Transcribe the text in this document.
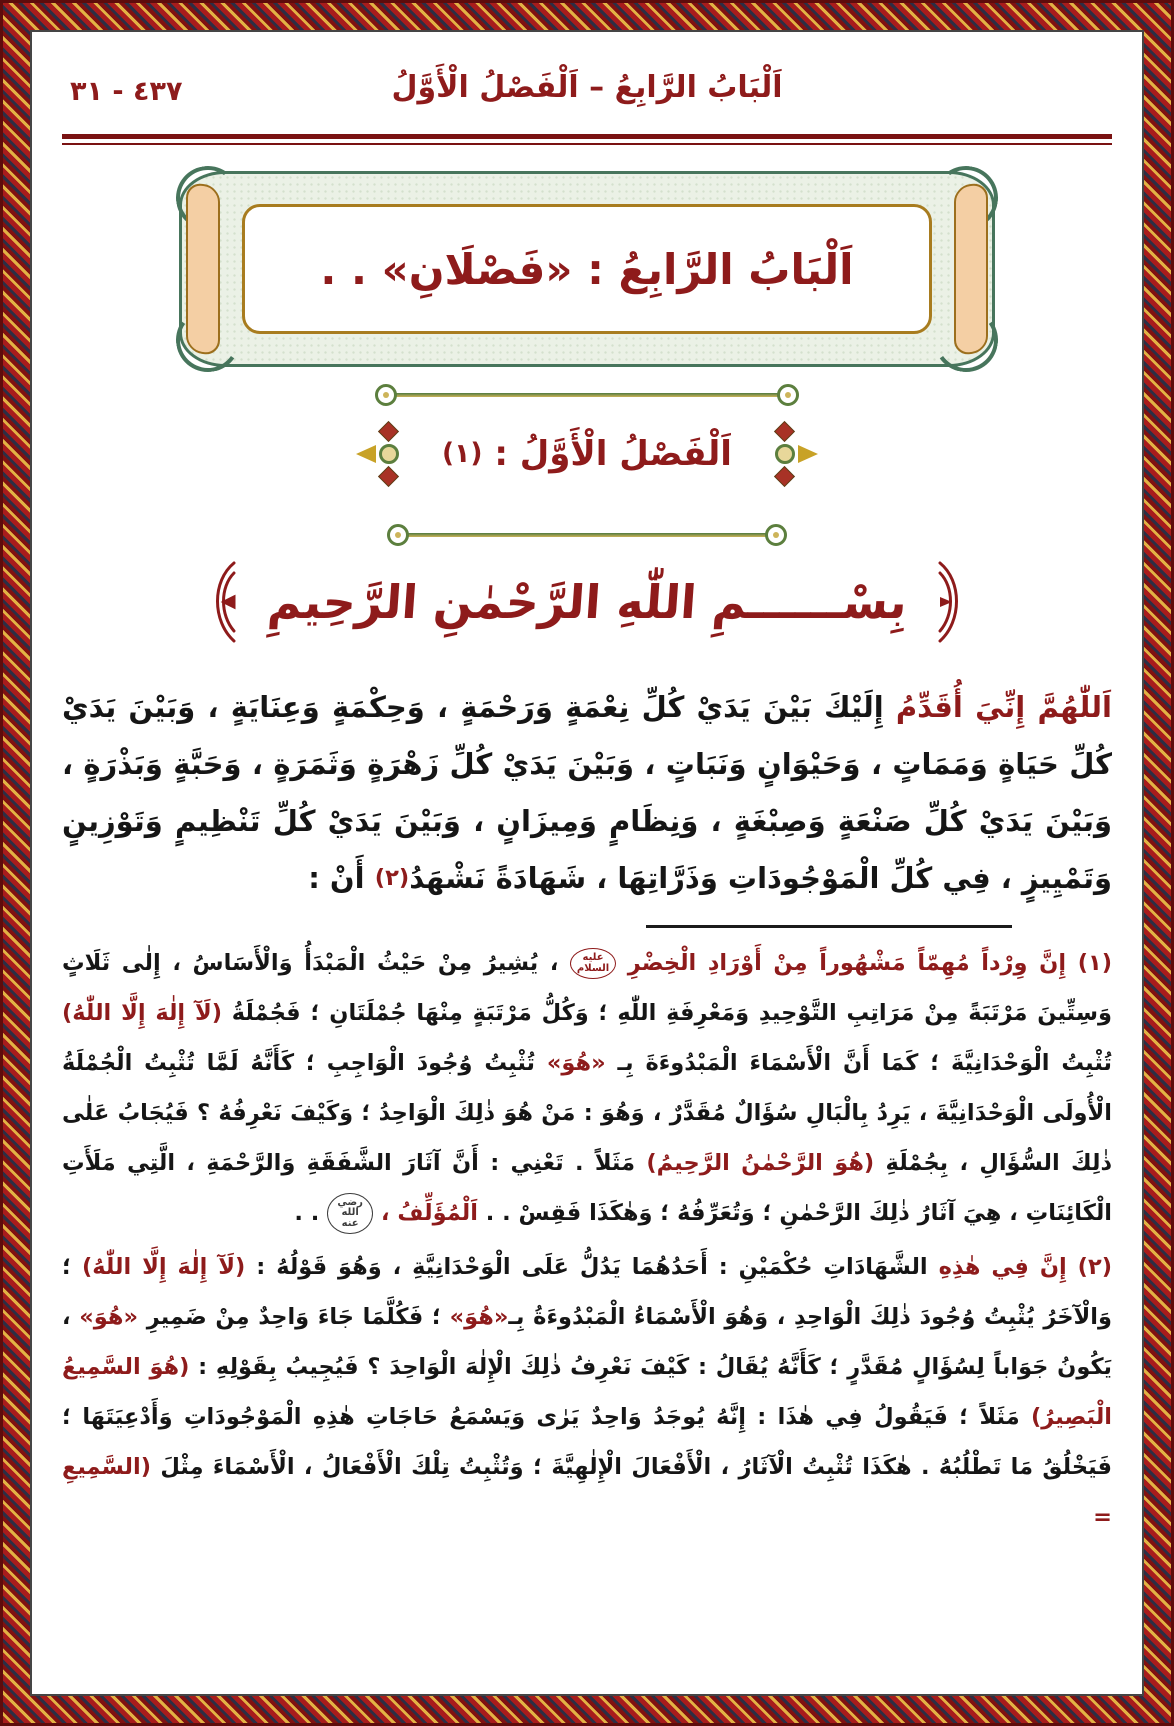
٤٣٧ - ٣١	اَلْبَابُ الرَّابِعُ – اَلْفَصْلُ الْأَوَّلُ
اَلْبَابُ الرَّابِعُ : «فَصْلَانِ» . .
اَلْفَصْلُ الْأَوَّلُ : (١)
بِسْــــــمِ اللّٰهِ الرَّحْمٰنِ الرَّحِيمِ
اَللّٰهُمَّ إِنِّيَ أُقَدِّمُ إِلَيْكَ بَيْنَ يَدَيْ كُلِّ نِعْمَةٍ وَرَحْمَةٍ ، وَحِكْمَةٍ وَعِنَايَةٍ ، وَبَيْنَ يَدَيْ كُلِّ حَيَاةٍ وَمَمَاتٍ ، وَحَيْوَانٍ وَنَبَاتٍ ، وَبَيْنَ يَدَيْ كُلِّ زَهْرَةٍ وَثَمَرَةٍ ، وَحَبَّةٍ وَبَذْرَةٍ ، وَبَيْنَ يَدَيْ كُلِّ صَنْعَةٍ وَصِبْغَةٍ ، وَنِظَامٍ وَمِيزَانٍ ، وَبَيْنَ يَدَيْ كُلِّ تَنْظِيمٍ وَتَوْزِينٍ وَتَمْيِيزٍ ، فِي كُلِّ الْمَوْجُودَاتِ وَذَرَّاتِهَا ، شَهَادَةً نَشْهَدُ(٢) أَنْ :
(١) إِنَّ وِرْداً مُهِمّاً مَشْهُوراً مِنْ أَوْرَادِ الْخِضْرِ عليه السلام ، يُشِيرُ مِنْ حَيْثُ الْمَبْدَأُ وَالْأَسَاسُ ، إِلٰى ثَلَاثٍ وَسِتِّينَ مَرْتَبَةً مِنْ مَرَاتِبِ التَّوْحِيدِ وَمَعْرِفَةِ اللّٰهِ ؛ وَكُلُّ مَرْتَبَةٍ مِنْهَا جُمْلَتَانِ ؛ فَجُمْلَةُ (لَآ إِلٰهَ إِلَّا اللّٰهُ) تُثْبِتُ الْوَحْدَانِيَّةَ ؛ كَمَا أَنَّ الْأَسْمَاءَ الْمَبْدُوءَةَ بِـ «هُوَ» تُثْبِتُ وُجُودَ الْوَاجِبِ ؛ كَأَنَّهُ لَمَّا تُثْبِتُ الْجُمْلَةُ الْأُولَى الْوَحْدَانِيَّةَ ، يَرِدُ بِالْبَالِ سُؤَالٌ مُقَدَّرٌ ، وَهُوَ : مَنْ هُوَ ذٰلِكَ الْوَاحِدُ ؛ وَكَيْفَ نَعْرِفُهُ ؟ فَيُجَابُ عَلٰى ذٰلِكَ السُّؤَالِ ، بِجُمْلَةِ (هُوَ الرَّحْمٰنُ الرَّحِيمُ) مَثَلاً . تَعْنِي : أَنَّ آثَارَ الشَّفَقَةِ وَالرَّحْمَةِ ، الَّتِي مَلَأَتِ الْكَائِنَاتِ ، هِيَ آثَارُ ذٰلِكَ الرَّحْمٰنِ ؛ وَتُعَرِّفُهُ ؛ وَهٰكَذَا فَقِسْ . . اَلْمُؤَلِّفُ ، رضي الله عنه . .
(٢) إِنَّ فِي هٰذِهِ الشَّهَادَاتِ حُكْمَيْنِ : أَحَدُهُمَا يَدُلُّ عَلَى الْوَحْدَانِيَّةِ ، وَهُوَ قَوْلُهُ : (لَآ إِلٰهَ إِلَّا اللّٰهُ) ؛ وَالْآخَرُ يُثْبِتُ وُجُودَ ذٰلِكَ الْوَاحِدِ ، وَهُوَ الْأَسْمَاءُ الْمَبْدُوءَةُ بِـ«هُوَ» ؛ فَكُلَّمَا جَاءَ وَاحِدٌ مِنْ ضَمِيرِ «هُوَ» ، يَكُونُ جَوَاباً لِسُؤَالٍ مُقَدَّرٍ ؛ كَأَنَّهُ يُقَالُ : كَيْفَ نَعْرِفُ ذٰلِكَ الْإِلٰهَ الْوَاحِدَ ؟ فَيُجِيبُ بِقَوْلِهِ : (هُوَ السَّمِيعُ الْبَصِيرُ) مَثَلاً ؛ فَيَقُولُ فِي هٰذَا : إِنَّهُ يُوجَدُ وَاحِدٌ يَرٰى وَيَسْمَعُ حَاجَاتِ هٰذِهِ الْمَوْجُودَاتِ وَأَدْعِيَتَهَا ؛ فَيَخْلُقُ مَا تَطْلُبُهُ . هٰكَذَا تُثْبِتُ الْآثَارُ ، الْأَفْعَالَ الْإِلٰهِيَّةَ ؛ وَتُثْبِتُ تِلْكَ الْأَفْعَالُ ، الْأَسْمَاءَ مِثْلَ (السَّمِيعِ =
